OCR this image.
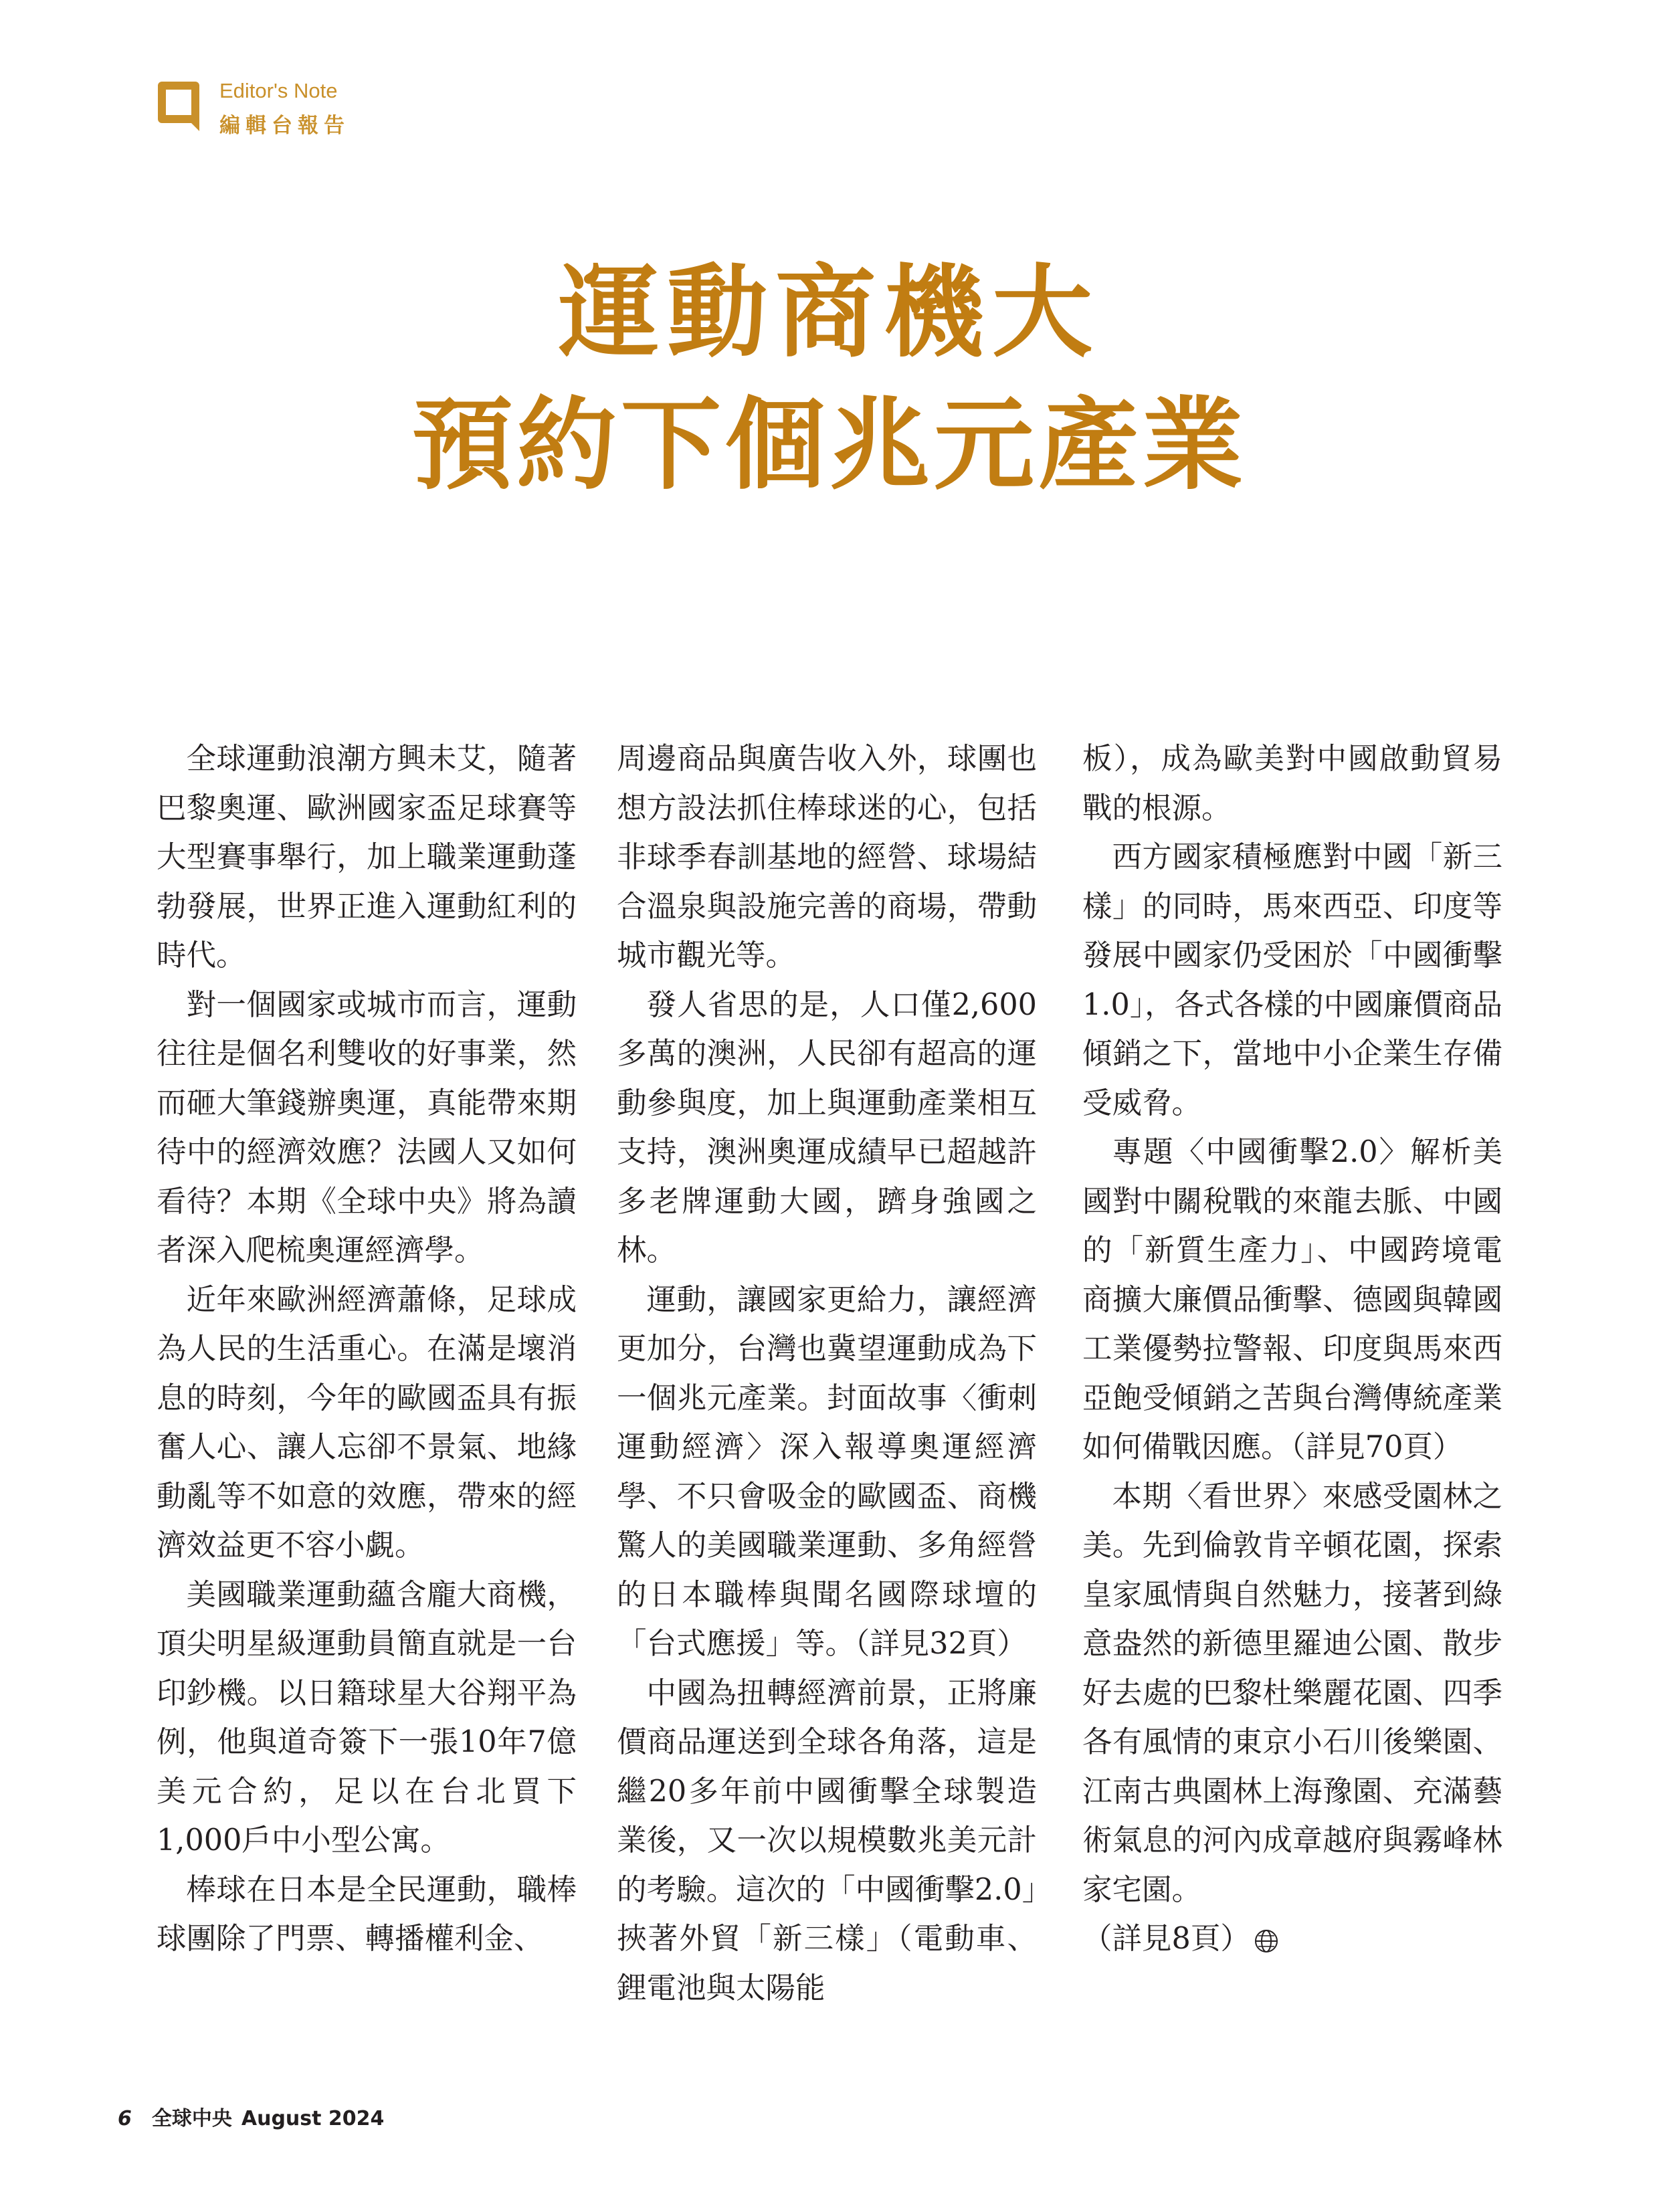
Editor's Note
編輯台報告
運動商機大
預約下個兆元產業

全球運動浪潮方興未艾，隨著巴黎奧運、歐洲國家盃足球賽等大型賽事舉行，加上職業運動蓬勃發展，世界正進入運動紅利的時代。

對一個國家或城市而言，運動往往是個名利雙收的好事業，然而砸大筆錢辦奧運，真能帶來期待中的經濟效應？法國人又如何看待？本期《全球中央》將為讀者深入爬梳奧運經濟學。

近年來歐洲經濟蕭條，足球成為人民的生活重心。在滿是壞消息的時刻，今年的歐國盃具有振奮人心、讓人忘卻不景氣、地緣動亂等不如意的效應，帶來的經濟效益更不容小覷。

美國職業運動蘊含龐大商機，頂尖明星級運動員簡直就是一台印鈔機。以日籍球星大谷翔平為例，他與道奇簽下一張10年7億美元合約，足以在台北買下1,000戶中小型公寓。

棒球在日本是全民運動，職棒球團除了門票、轉播權利金、

周邊商品與廣告收入外，球團也想方設法抓住棒球迷的心，包括非球季春訓基地的經營、球場結合溫泉與設施完善的商場，帶動城市觀光等。

發人省思的是，人口僅2,600多萬的澳洲，人民卻有超高的運動參與度，加上與運動產業相互支持，澳洲奧運成績早已超越許多老牌運動大國，躋身強國之林。

運動，讓國家更給力，讓經濟更加分，台灣也冀望運動成為下一個兆元產業。封面故事〈衝刺運動經濟〉深入報導奧運經濟學、不只會吸金的歐國盃、商機驚人的美國職業運動、多角經營的日本職棒與聞名國際球壇的「台式應援」等。（詳見32頁）

中國為扭轉經濟前景，正將廉價商品運送到全球各角落，這是繼20多年前中國衝擊全球製造業後，又一次以規模數兆美元計的考驗。這次的「中國衝擊2.0」挾著外貿「新三樣」（電動車、鋰電池與太陽能

板），成為歐美對中國啟動貿易戰的根源。

西方國家積極應對中國「新三樣」的同時，馬來西亞、印度等發展中國家仍受困於「中國衝擊1.0」，各式各樣的中國廉價商品傾銷之下，當地中小企業生存備受威脅。

專題〈中國衝擊2.0〉解析美國對中關稅戰的來龍去脈、中國的「新質生產力」、中國跨境電商擴大廉價品衝擊、德國與韓國工業優勢拉警報、印度與馬來西亞飽受傾銷之苦與台灣傳統產業如何備戰因應。（詳見70頁）

本期〈看世界〉來感受園林之美。先到倫敦肯辛頓花園，探索皇家風情與自然魅力，接著到綠意盎然的新德里羅迪公園、散步好去處的巴黎杜樂麗花園、四季各有風情的東京小石川後樂園、江南古典園林上海豫園、充滿藝術氣息的河內成章越府與霧峰林家宅園。

（詳見8頁）

6 全球中央 August 2024
